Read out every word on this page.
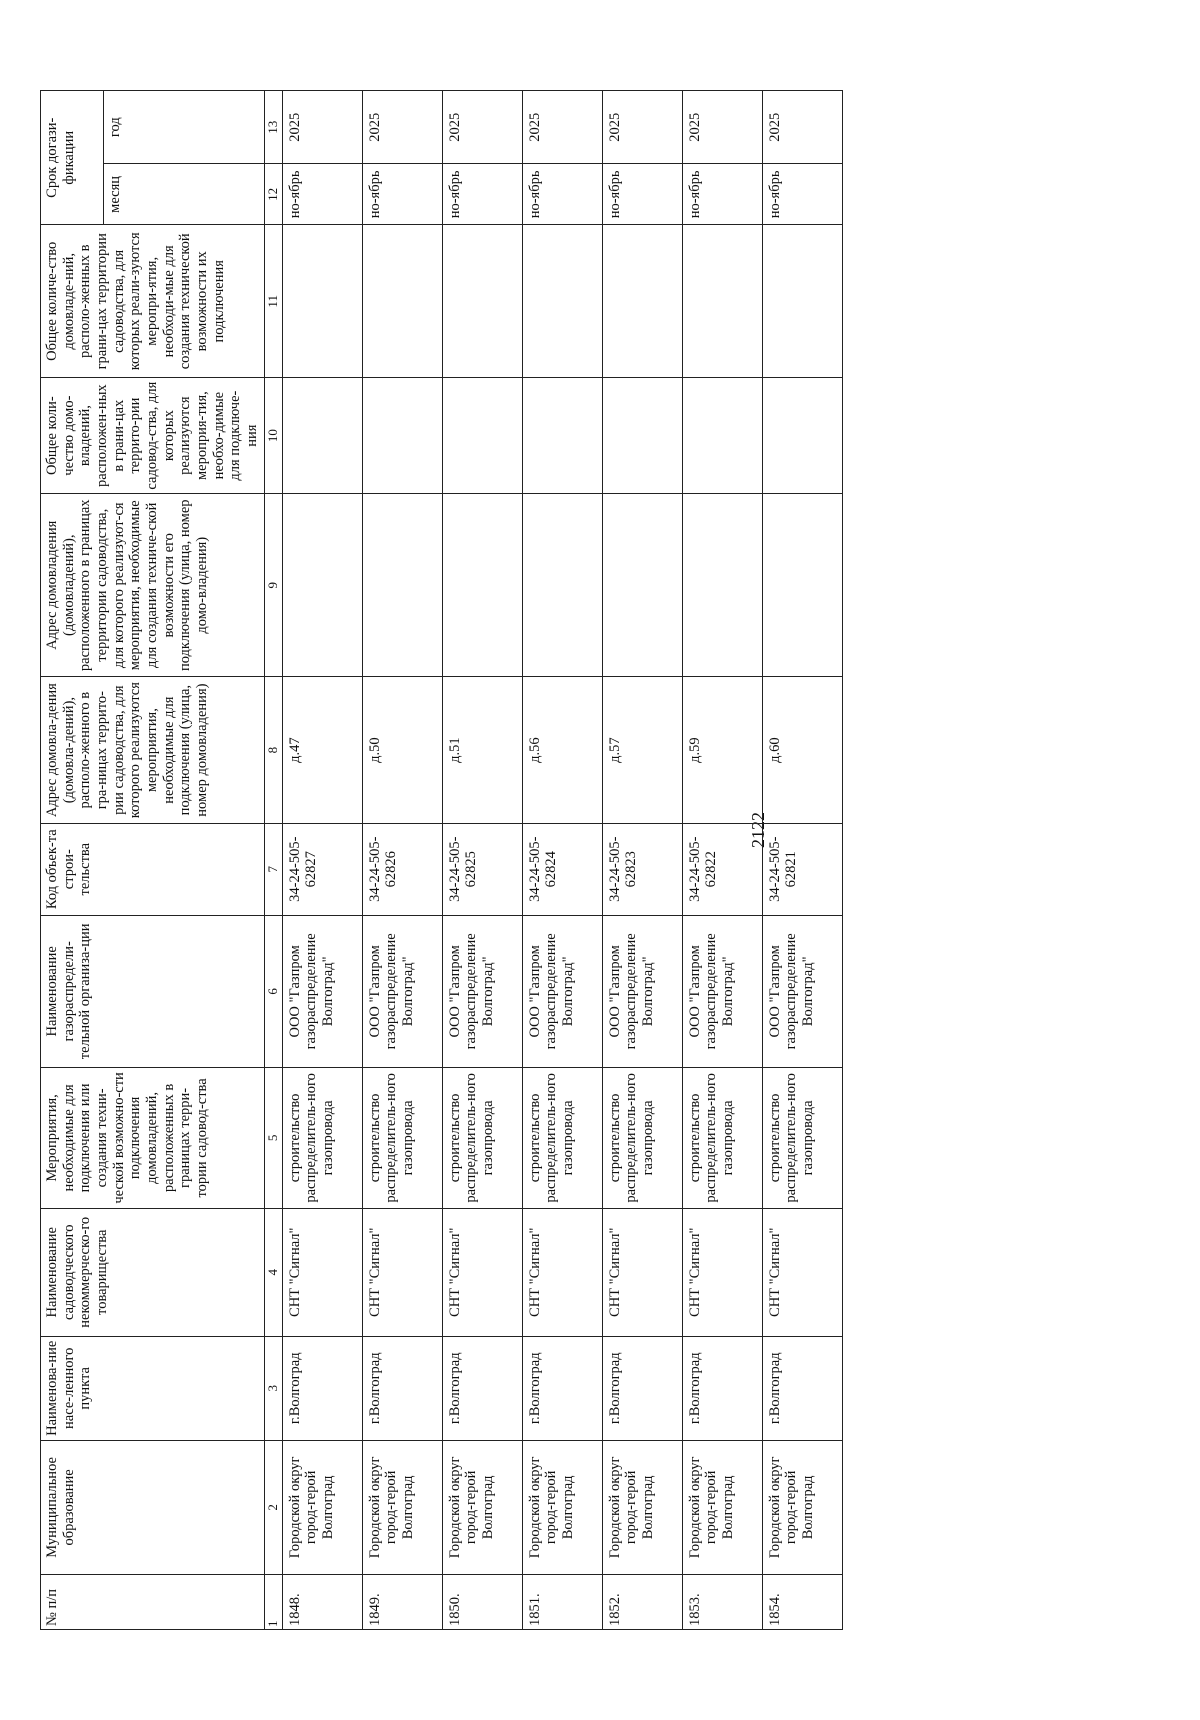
2122
№ п/п	Муниципальное образование	Наименова-ние насе-ленного пункта	Наименование садоводческого некоммерческо-го товарищества	Мероприятия, необходимые для подключения или создания техни-ческой возможно-сти подключения домовладений, расположенных в границах терри-тории садовод-ства	Наименование газораспредели-тельной организа-ции	Код объек-та строи-тельства	Адрес домовла-дения (домовла-дений), располо-женного в гра-ницах террито-рии садоводства, для которого реализуются мероприятия, необходимые для подключения (улица, номер домовладения)	Адрес домовладения (домовладений), расположенного в границах территории садоводства, для которого реализуют-ся мероприятия, необходимые для создания техниче-ской возможности его подключения (улица, номер домо-владения)	Общее коли-чество домо-владений, расположен-ных в грани-цах террито-рии садовод-ства, для которых реализуются мероприя-тия, необхо-димые для подключе-ния	Общее количе-ство домовладе-ний, располо-женных в грани-цах территории садоводства, для которых реали-зуются меропри-ятия, необходи-мые для создания технической возможности их подключения	Срок догази-фикации	
											месяц	год
1	2	3	4	5	6	7	8	9	10	11	12	13
1848.	Городской округ город-герой Волгоград	г.Волгоград	СНТ "Сигнал"	строительство распределитель-ного газопровода	ООО "Газпром газораспределение Волгоград"	34-24-505-62827	д.47				но-ябрь	2025
1849.	Городской округ город-герой Волгоград	г.Волгоград	СНТ "Сигнал"	строительство распределитель-ного газопровода	ООО "Газпром газораспределение Волгоград"	34-24-505-62826	д.50				но-ябрь	2025
1850.	Городской округ город-герой Волгоград	г.Волгоград	СНТ "Сигнал"	строительство распределитель-ного газопровода	ООО "Газпром газораспределение Волгоград"	34-24-505-62825	д.51				но-ябрь	2025
1851.	Городской округ город-герой Волгоград	г.Волгоград	СНТ "Сигнал"	строительство распределитель-ного газопровода	ООО "Газпром газораспределение Волгоград"	34-24-505-62824	д.56				но-ябрь	2025
1852.	Городской округ город-герой Волгоград	г.Волгоград	СНТ "Сигнал"	строительство распределитель-ного газопровода	ООО "Газпром газораспределение Волгоград"	34-24-505-62823	д.57				но-ябрь	2025
1853.	Городской округ город-герой Волгоград	г.Волгоград	СНТ "Сигнал"	строительство распределитель-ного газопровода	ООО "Газпром газораспределение Волгоград"	34-24-505-62822	д.59				но-ябрь	2025
1854.	Городской округ город-герой Волгоград	г.Волгоград	СНТ "Сигнал"	строительство распределитель-ного газопровода	ООО "Газпром газораспределение Волгоград"	34-24-505-62821	д.60				но-ябрь	2025
